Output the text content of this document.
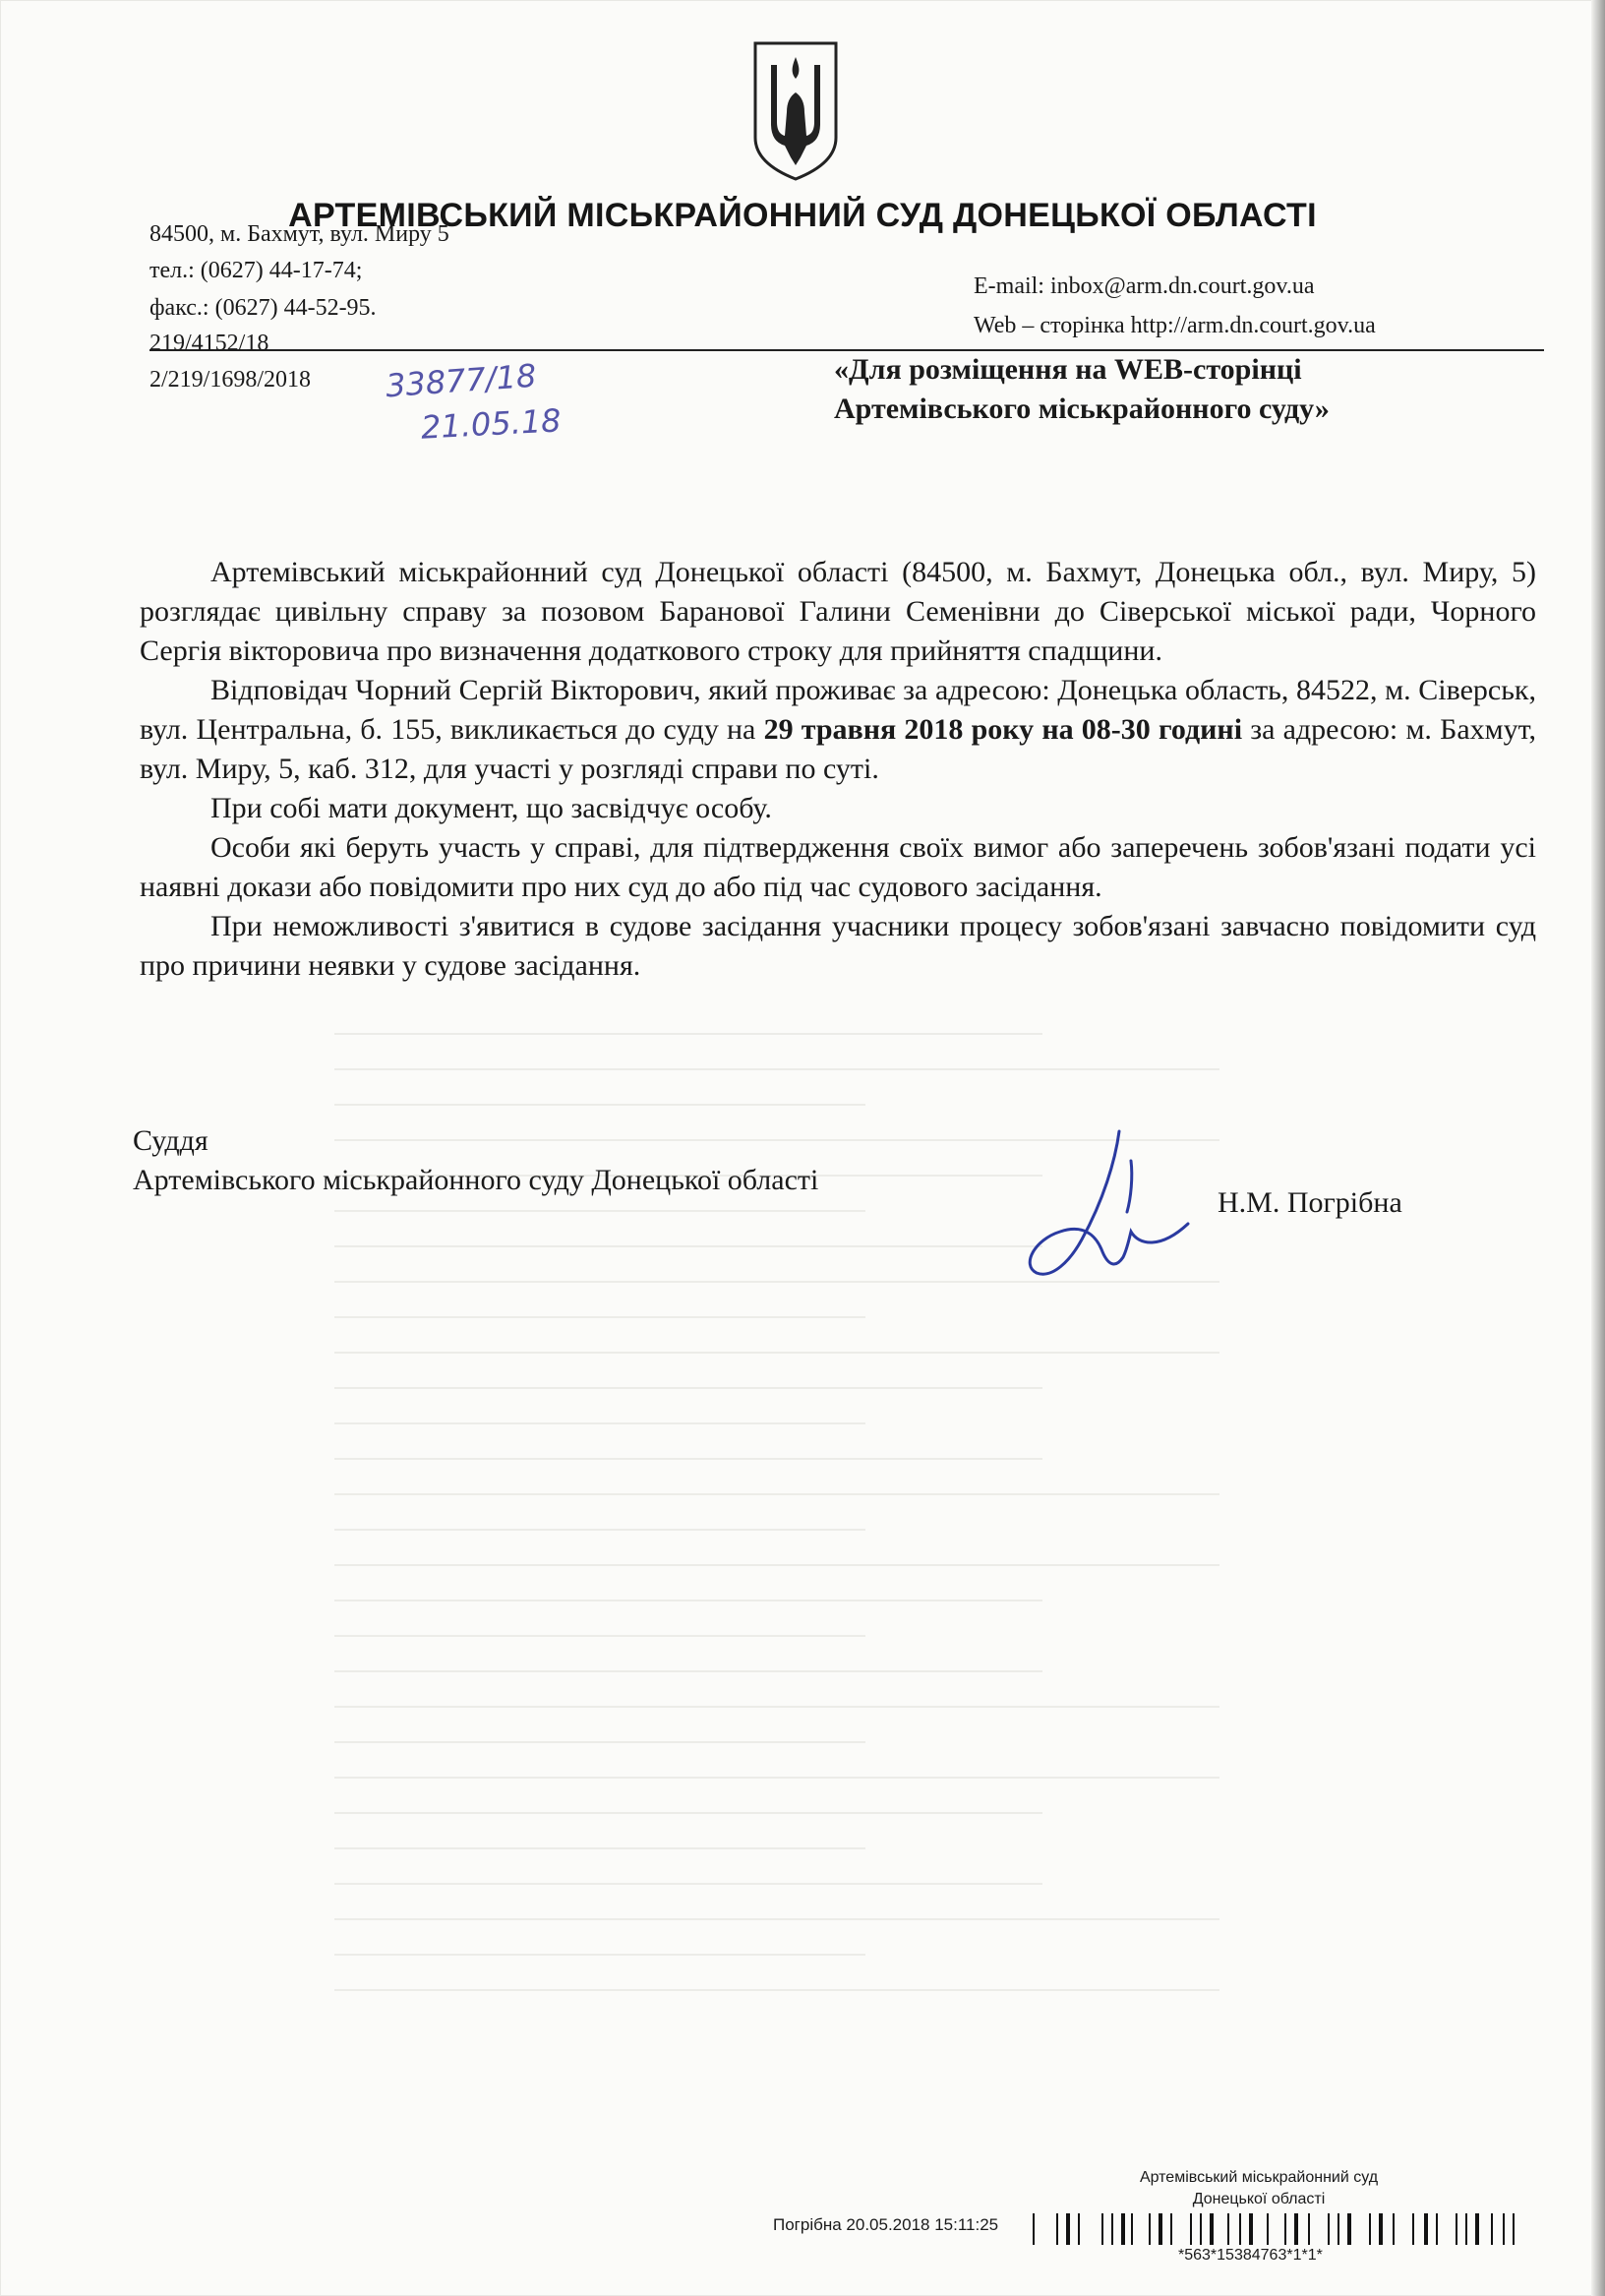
АРТЕМІВСЬКИЙ МІСЬКРАЙОННИЙ СУД ДОНЕЦЬКОЇ ОБЛАСТІ
84500, м. Бахмут, вул. Миру 5
тел.: (0627) 44-17-74;
факс.: (0627) 44-52-95.
E-mail: inbox@arm.dn.court.gov.ua
Web – сторінка http://arm.dn.court.gov.ua
219/4152/18
2/219/1698/2018 33877/18
21.05.18
«Для розміщення на WEB-сторінці
Артемівського міськрайонного суду»

Артемівський міськрайонний суд Донецької області (84500, м. Бахмут, Донецька обл., вул. Миру, 5) розглядає цивільну справу за позовом Баранової Галини Семенівни до Сіверської міської ради, Чорного Сергія вікторовича про визначення додаткового строку для прийняття спадщини.

Відповідач Чорний Сергій Вікторович, який проживає за адресою: Донецька область, 84522, м. Сіверськ, вул. Центральна, б. 155, викликається до суду на 29 травня 2018 року на 08-30 годині за адресою: м. Бахмут, вул. Миру, 5, каб. 312, для участі у розгляді справи по суті.

При собі мати документ, що засвідчує особу.

Особи які беруть участь у справі, для підтвердження своїх вимог або заперечень зобов'язані подати усі наявні докази або повідомити про них суд до або під час судового засідання.

При неможливості з'явитися в судове засідання учасники процесу зобов'язані завчасно повідомити суд про причини неявки у судове засідання.

Суддя
Артемівського міськрайонного суду Донецької області
Н.М. Погрібна
Артемівський міськрайонний суд
Донецької області
Погрібна 20.05.2018 15:11:25
*563*15384763*1*1*
